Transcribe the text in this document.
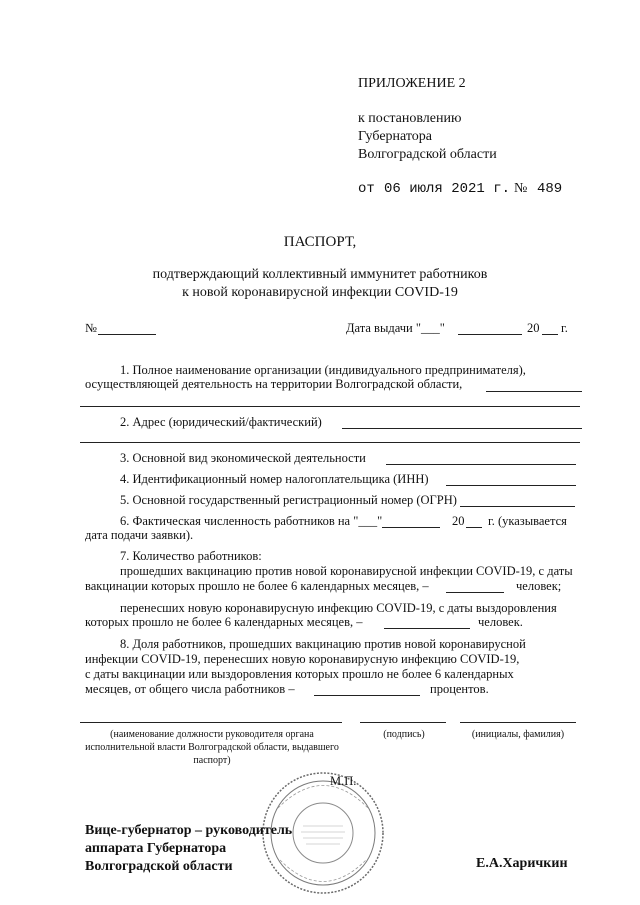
ПРИЛОЖЕНИЕ 2
к постановлению
Губернатора
Волгоградской области
от 06 июля 2021 г. № 489
ПАСПОРТ,
подтверждающий коллективный иммунитет работников
к новой коронавирусной инфекции COVID-19
№	Дата выдачи "___"	20 г.
1. Полное наименование организации (индивидуального предпринимателя),
осуществляющей деятельность на территории Волгоградской области,
2. Адрес (юридический/фактический)
3. Основной вид экономической деятельности
4. Идентификационный номер налогоплательщика (ИНН)
5. Основной государственный регистрационный номер (ОГРН)
6. Фактическая численность работников на "___"	20 г. (указывается
дата подачи заявки).
7. Количество работников:
прошедших вакцинацию против новой коронавирусной инфекции COVID-19, с даты
вакцинации которых прошло не более 6 календарных месяцев, –	человек;
перенесших новую коронавирусную инфекцию COVID-19, с даты выздоровления
которых прошло не более 6 календарных месяцев, –	человек.
8. Доля работников, прошедших вакцинацию против новой коронавирусной
инфекции COVID-19, перенесших новую коронавирусную инфекцию COVID-19,
с даты вакцинации или выздоровления которых прошло не более 6 календарных
месяцев, от общего числа работников –	процентов.
(наименование должности руководителя органа исполнительной власти Волгоградской области, выдавшего паспорт)
(подпись)	(инициалы, фамилия)
М.П.
Вице-губернатор – руководитель
аппарата Губернатора
Волгоградской области	Е.А.Харичкин
